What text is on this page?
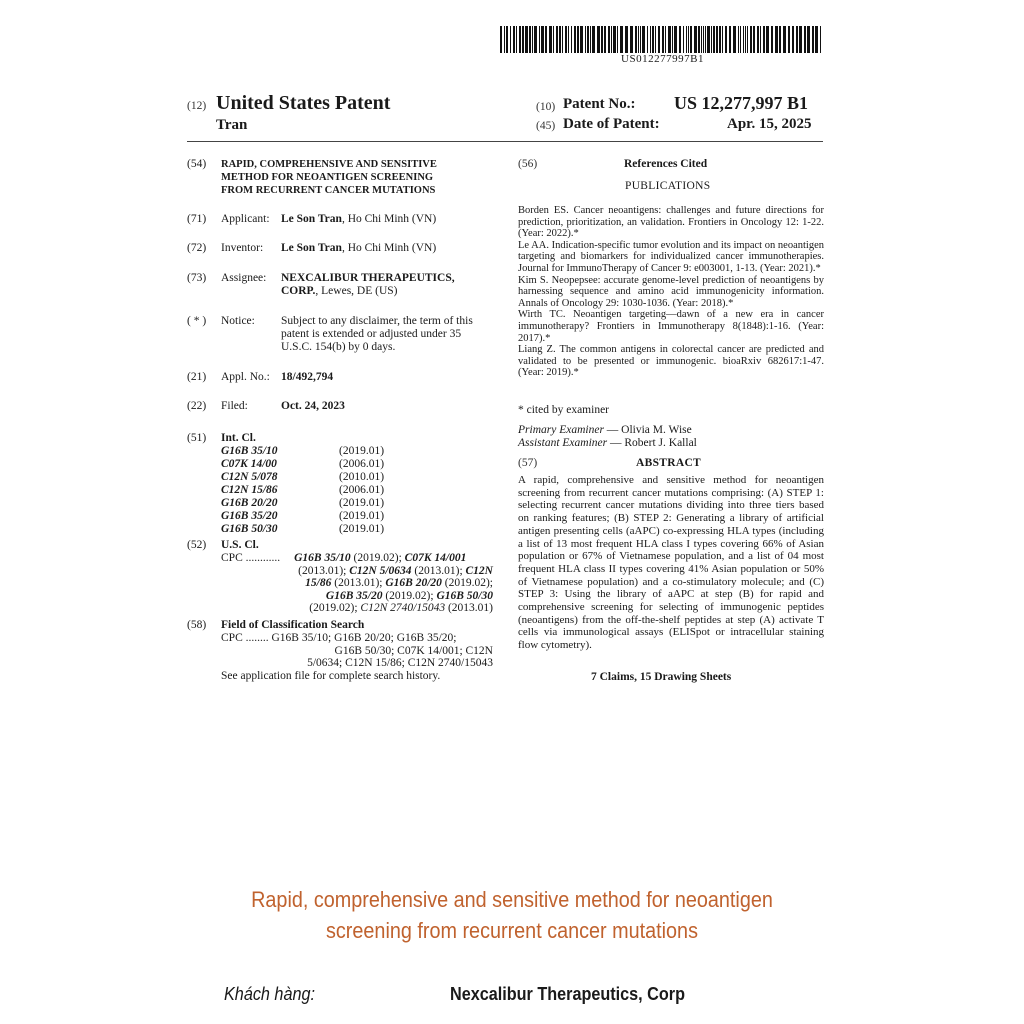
US012277997B1
(12) United States Patent
Tran
(10) Patent No.: US 12,277,997 B1
(45) Date of Patent:	Apr. 15, 2025
(54)	RAPID, COMPREHENSIVE AND SENSITIVE
METHOD FOR NEOANTIGEN SCREENING
FROM RECURRENT CANCER MUTATIONS
(71)	Applicant: Le Son Tran, Ho Chi Minh (VN)
(72)	Inventor: Le Son Tran, Ho Chi Minh (VN)
(73)	Assignee: NEXCALIBUR THERAPEUTICS,
CORP., Lewes, DE (US)
( * )	Notice: Subject to any disclaimer, the term of this
patent is extended or adjusted under 35
U.S.C. 154(b) by 0 days.
(21)	Appl. No.: 18/492,794
(22)	Filed:	Oct. 24, 2023
(51)	Int. Cl.
G16B 35/10	(2019.01)
C07K 14/00	(2006.01)
C12N 5/078	(2010.01)
C12N 15/86	(2006.01)
G16B 20/20	(2019.01)
G16B 35/20	(2019.01)
G16B 50/30	(2019.01)
(52)	U.S. Cl.
CPC ............ G16B 35/10 (2019.02); C07K 14/001
(2013.01); C12N 5/0634 (2013.01); C12N
15/86 (2013.01); G16B 20/20 (2019.02);
G16B 35/20 (2019.02); G16B 50/30
(2019.02); C12N 2740/15043 (2013.01)
(58)	Field of Classification Search
CPC ........ G16B 35/10; G16B 20/20; G16B 35/20;
G16B 50/30; C07K 14/001; C12N
5/0634; C12N 15/86; C12N 2740/15043
See application file for complete search history.
(56)	References Cited
PUBLICATIONS
Borden ES. Cancer neoantigens: challenges and future directions for prediction, prioritization, an validation. Frontiers in Oncology 12: 1-22. (Year: 2022).*
Le AA. Indication-specific tumor evolution and its impact on neoantigen targeting and biomarkers for individualized cancer immunotherapies. Journal for ImmunoTherapy of Cancer 9: e003001, 1-13. (Year: 2021).*
Kim S. Neopepsee: accurate genome-level prediction of neoantigens by harnessing sequence and amino acid immunogenicity information. Annals of Oncology 29: 1030-1036. (Year: 2018).*
Wirth TC. Neoantigen targeting—dawn of a new era in cancer immunotherapy? Frontiers in Immunotherapy 8(1848):1-16. (Year: 2017).*
Liang Z. The common antigens in colorectal cancer are predicted and validated to be presented or immunogenic. bioaRxiv 682617:1-47. (Year: 2019).*
* cited by examiner
Primary Examiner — Olivia M. Wise
Assistant Examiner — Robert J. Kallal
(57)	ABSTRACT
A rapid, comprehensive and sensitive method for neoantigen screening from recurrent cancer mutations comprising: (A) STEP 1: selecting recurrent cancer mutations dividing into three tiers based on ranking features; (B) STEP 2: Generating a library of artificial antigen presenting cells (aAPC) co-expressing HLA types (including a list of 13 most frequent HLA class I types covering 66% of Asian population or 67% of Vietnamese population, and a list of 04 most frequent HLA class II types covering 41% Asian population or 50% of Vietnamese population) and a co-stimulatory molecule; and (C) STEP 3: Using the library of aAPC at step (B) for rapid and comprehensive screening for selecting of immunogenic peptides (neoantigens) from the off-the-shelf peptides at step (A) activate T cells via immunological assays (ELISpot or intracellular staining flow cytometry).
7 Claims, 15 Drawing Sheets
Rapid, comprehensive and sensitive method for neoantigen
screening from recurrent cancer mutations
Khách hàng:	Nexcalibur Therapeutics, Corp
